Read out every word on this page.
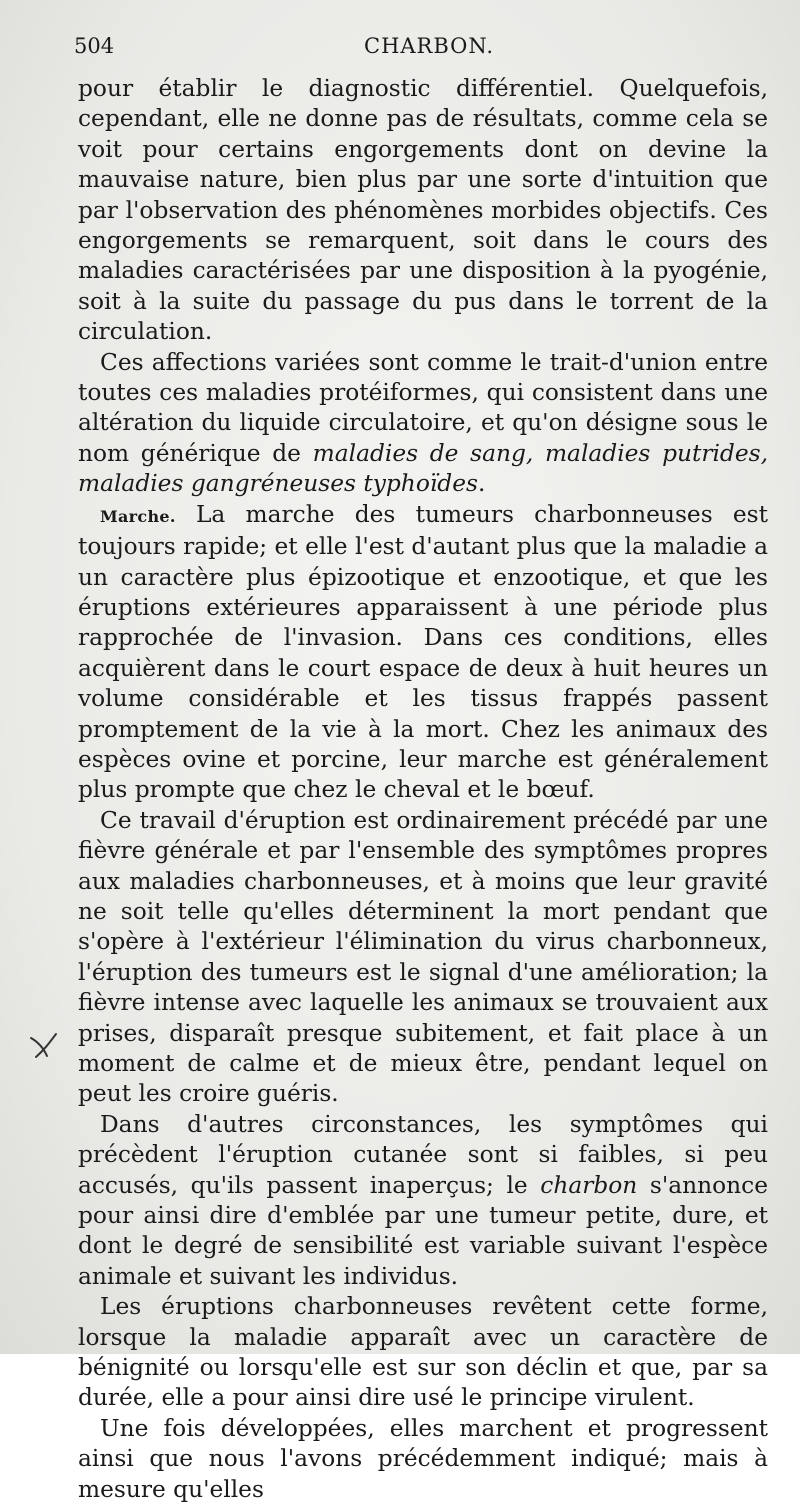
504	CHARBON.

pour établir le diagnostic différentiel. Quelquefois, cependant, elle ne donne pas de résultats, comme cela se voit pour certains engorgements dont on devine la mauvaise nature, bien plus par une sorte d'intuition que par l'observation des phénomènes morbides objectifs. Ces engorgements se remarquent, soit dans le cours des maladies caractérisées par une disposition à la pyogénie, soit à la suite du passage du pus dans le torrent de la circulation.

Ces affections variées sont comme le trait-d'union entre toutes ces maladies protéiformes, qui consistent dans une altération du liquide circulatoire, et qu'on désigne sous le nom générique de maladies de sang, maladies putrides, maladies gangréneuses typhoïdes.

Marche. La marche des tumeurs charbonneuses est toujours rapide; et elle l'est d'autant plus que la maladie a un caractère plus épizootique et enzootique, et que les éruptions extérieures apparaissent à une période plus rapprochée de l'invasion. Dans ces conditions, elles acquièrent dans le court espace de deux à huit heures un volume considérable et les tissus frappés passent promptement de la vie à la mort. Chez les animaux des espèces ovine et porcine, leur marche est généralement plus prompte que chez le cheval et le bœuf.

Ce travail d'éruption est ordinairement précédé par une fièvre générale et par l'ensemble des symptômes propres aux maladies charbonneuses, et à moins que leur gravité ne soit telle qu'elles déterminent la mort pendant que s'opère à l'extérieur l'élimination du virus charbonneux, l'éruption des tumeurs est le signal d'une amélioration; la fièvre intense avec laquelle les animaux se trouvaient aux prises, disparaît presque subitement, et fait place à un moment de calme et de mieux être, pendant lequel on peut les croire guéris.

Dans d'autres circonstances, les symptômes qui précèdent l'éruption cutanée sont si faibles, si peu accusés, qu'ils passent inaperçus; le charbon s'annonce pour ainsi dire d'emblée par une tumeur petite, dure, et dont le degré de sensibilité est variable suivant l'espèce animale et suivant les individus.

Les éruptions charbonneuses revêtent cette forme, lorsque la maladie apparaît avec un caractère de bénignité ou lorsqu'elle est sur son déclin et que, par sa durée, elle a pour ainsi dire usé le principe virulent.

Une fois développées, elles marchent et progressent ainsi que nous l'avons précédemment indiqué; mais à mesure qu'elles
